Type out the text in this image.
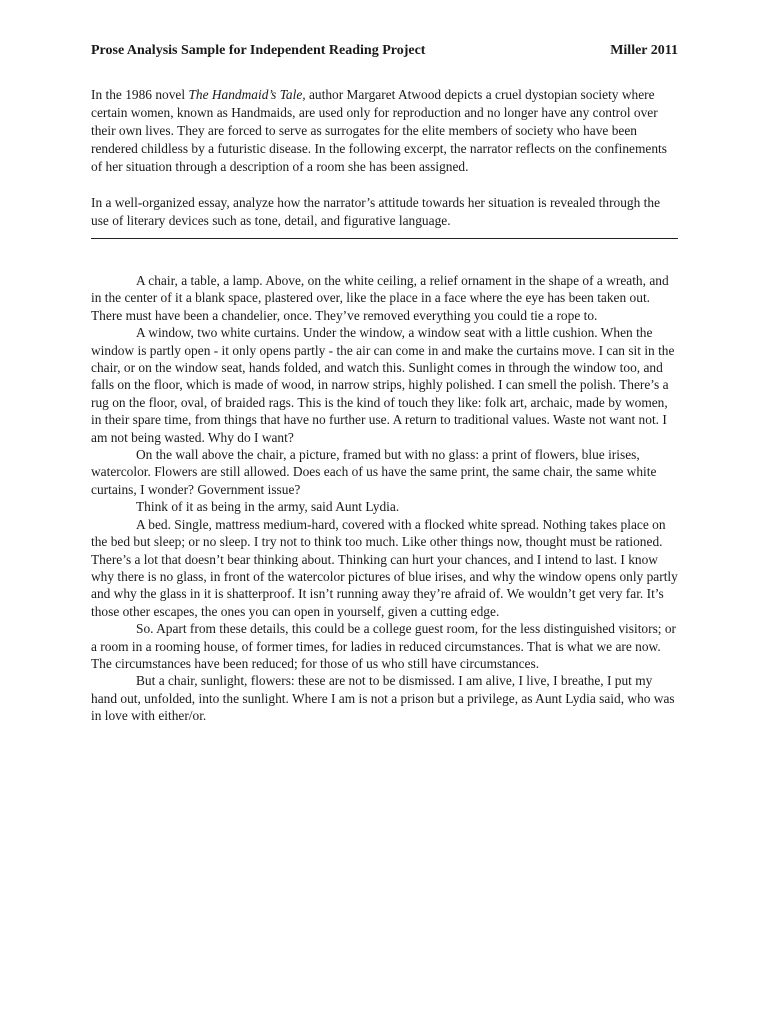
Prose Analysis Sample for Independent Reading Project	Miller 2011

In the 1986 novel The Handmaid’s Tale, author Margaret Atwood depicts a cruel dystopian society where certain women, known as Handmaids, are used only for reproduction and no longer have any control over their own lives. They are forced to serve as surrogates for the elite members of society who have been rendered childless by a futuristic disease. In the following excerpt, the narrator reflects on the confinements of her situation through a description of a room she has been assigned.

In a well-organized essay, analyze how the narrator’s attitude towards her situation is revealed through the use of literary devices such as tone, detail, and figurative language.

A chair, a table, a lamp. Above, on the white ceiling, a relief ornament in the shape of a wreath, and in the center of it a blank space, plastered over, like the place in a face where the eye has been taken out. There must have been a chandelier, once. They’ve removed everything you could tie a rope to.

A window, two white curtains. Under the window, a window seat with a little cushion. When the window is partly open - it only opens partly - the air can come in and make the curtains move. I can sit in the chair, or on the window seat, hands folded, and watch this. Sunlight comes in through the window too, and falls on the floor, which is made of wood, in narrow strips, highly polished. I can smell the polish. There’s a rug on the floor, oval, of braided rags. This is the kind of touch they like: folk art, archaic, made by women, in their spare time, from things that have no further use. A return to traditional values. Waste not want not. I am not being wasted. Why do I want?

On the wall above the chair, a picture, framed but with no glass: a print of flowers, blue irises, watercolor. Flowers are still allowed. Does each of us have the same print, the same chair, the same white curtains, I wonder? Government issue?

Think of it as being in the army, said Aunt Lydia.

A bed. Single, mattress medium-hard, covered with a flocked white spread. Nothing takes place on the bed but sleep; or no sleep. I try not to think too much. Like other things now, thought must be rationed. There’s a lot that doesn’t bear thinking about. Thinking can hurt your chances, and I intend to last. I know why there is no glass, in front of the watercolor pictures of blue irises, and why the window opens only partly and why the glass in it is shatterproof. It isn’t running away they’re afraid of. We wouldn’t get very far. It’s those other escapes, the ones you can open in yourself, given a cutting edge.

So. Apart from these details, this could be a college guest room, for the less distinguished visitors; or a room in a rooming house, of former times, for ladies in reduced circumstances. That is what we are now. The circumstances have been reduced; for those of us who still have circumstances.

But a chair, sunlight, flowers: these are not to be dismissed. I am alive, I live, I breathe, I put my hand out, unfolded, into the sunlight. Where I am is not a prison but a privilege, as Aunt Lydia said, who was in love with either/or.
